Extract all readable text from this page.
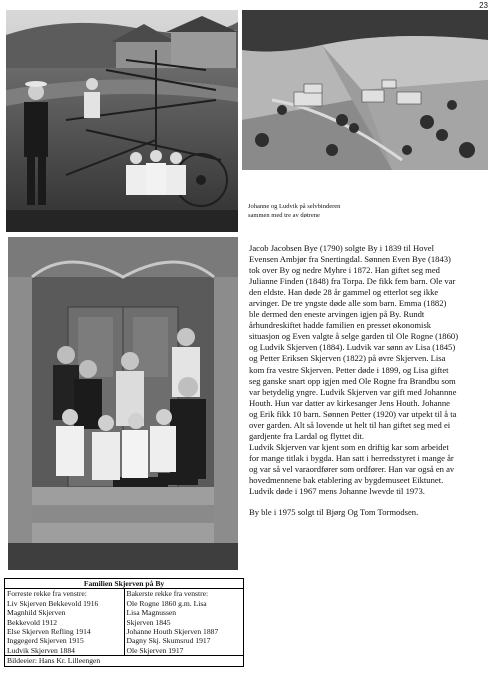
23
Johanne og Ludvik på selvbinderen
sammen med tre av døtrene

Jacob Jacobsen Bye (1790) solgte By i 1839 til Hovel

Evensen Ambjør fra Snertingdal. Sønnen Even Bye (1843)

tok over By og nedre Myhre i 1872. Han giftet seg med

Julianne Finden (1848) fra Torpa. De fikk fem barn. Ole var

den eldste. Han døde 28 år gammel og etterlot seg ikke

arvinger. De tre yngste døde alle som barn. Emma (1882)

ble dermed den eneste arvingen igjen på By. Rundt

århundreskiftet hadde familien en presset økonomisk

situasjon og Even valgte å selge garden til Ole Rogne (1860)

og Ludvik Skjerven (1884). Ludvik var sønn av Lisa (1845)

og Petter Eriksen Skjerven (1822) på øvre Skjerven. Lisa

kom fra vestre Skjerven. Petter døde i 1899, og Lisa giftet

seg ganske snart opp igjen med Ole Rogne fra Brandbu som

var betydelig yngre. Ludvik Skjerven var gift med Johannne

Houth. Hun var datter av kirkesanger Jens Houth. Johanne

og Erik fikk 10 barn. Sønnen Petter (1920) var utpekt til å ta

over garden. Alt så lovende ut helt til han giftet seg med ei

gardjente fra Lardal og flyttet dit.

Ludvik Skjerven var kjent som en driftig kar som arbeidet

for mange titlak i bygda. Han satt i herredsstyret i mange år

og var så vel varaordfører som ordfører. Han var også en av

hovedmennene bak etablering av bygdemuseet Eiktunet.

Ludvik døde i 1967 mens Johanne lwevde til 1973.

By ble i 1975 solgt til Bjørg Og Tom Tormodsen.

Familien Skjerven på By
Forreste rekke fra venstre:
Liv Skjerven Bekkevold 1916
Magnhild Skjerven
Bekkevold 1912
Else Skjerven Refling 1914
Inggegerd Skjerven 1915
Ludvik Skjerven 1884
Bakerste rekke fra venstre:
Ole Rogne 1860 g.m. Lisa
Lisa Magnussen
Skjerven 1845
Johanne Houth Skjerven 1887
Dagny Skj. Skumsrud 1917
Ole Skjerven 1917
Bildeeier: Hans Kr. Lilleengen
